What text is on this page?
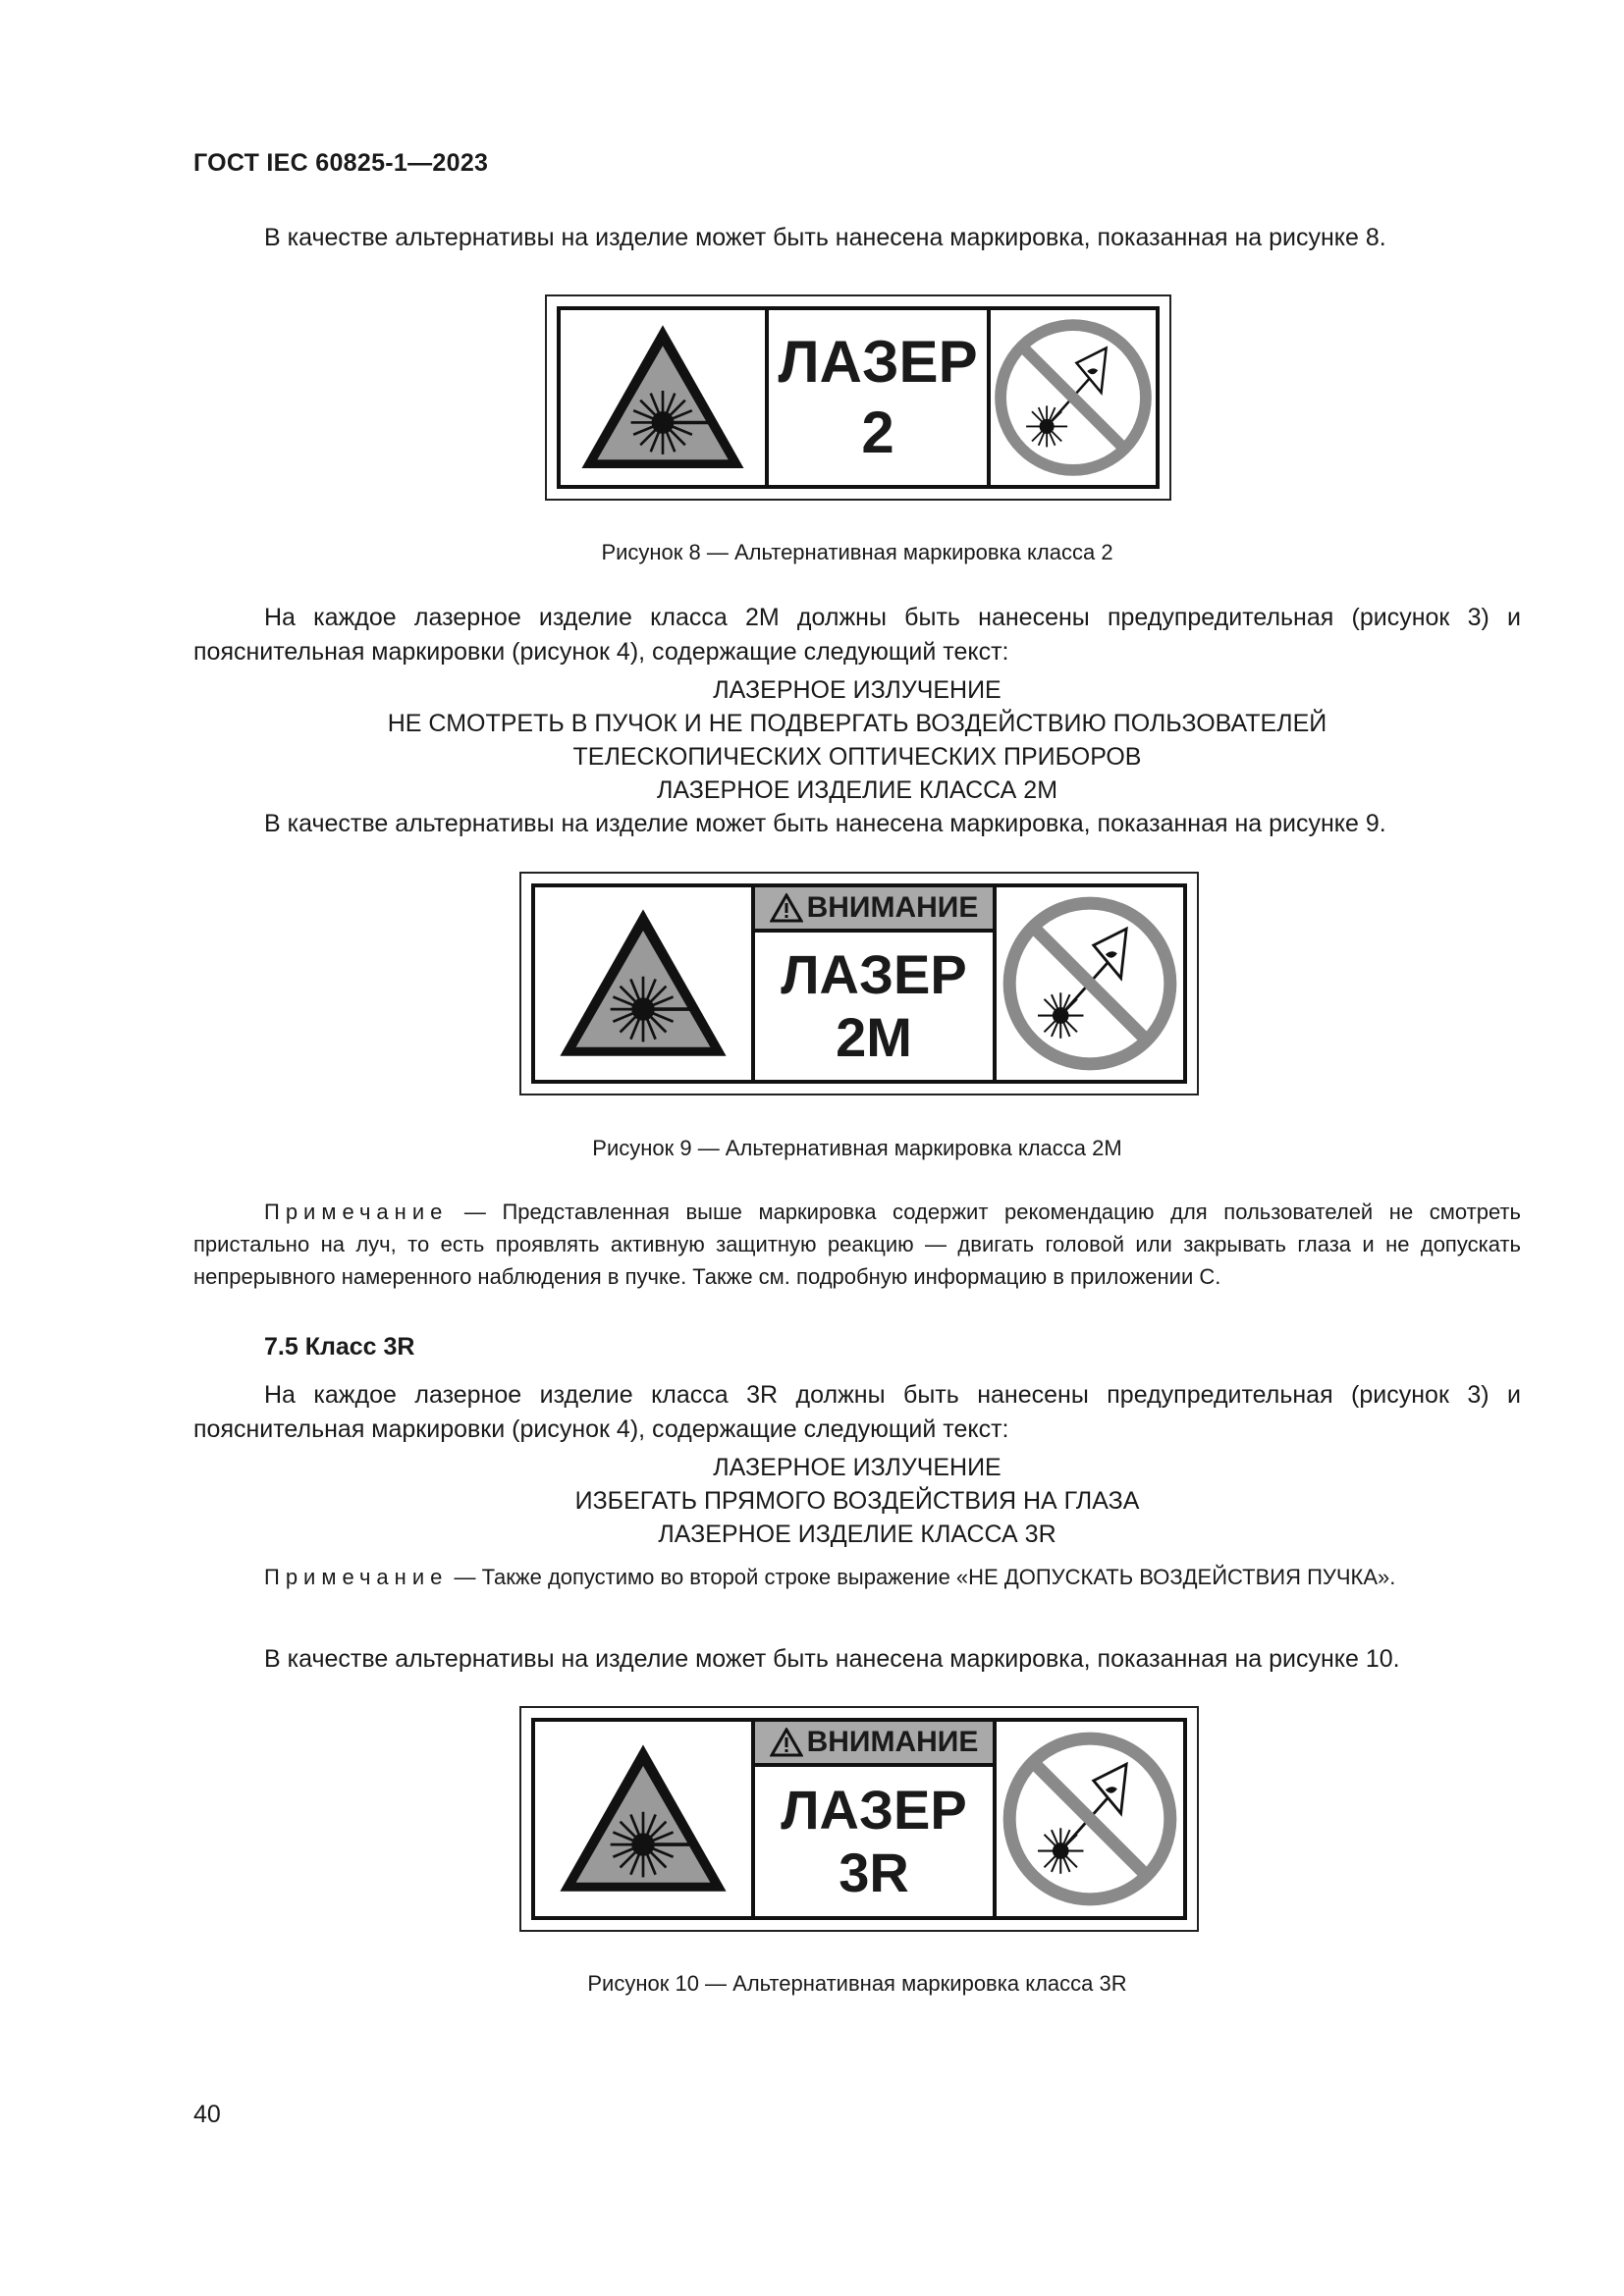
ГОСТ IEC 60825-1—2023
В качестве альтернативы на изделие может быть нанесена маркировка, показанная на рисунке 8.
ЛАЗЕР
2
Рисунок 8 — Альтернативная маркировка класса 2
На каждое лазерное изделие класса 2М должны быть нанесены предупредительная (рисунок 3) и пояснительная маркировки (рисунок 4), содержащие следующий текст:
ЛАЗЕРНОЕ ИЗЛУЧЕНИЕ
НЕ СМОТРЕТЬ В ПУЧОК И НЕ ПОДВЕРГАТЬ ВОЗДЕЙСТВИЮ ПОЛЬЗОВАТЕЛЕЙ
ТЕЛЕСКОПИЧЕСКИХ ОПТИЧЕСКИХ ПРИБОРОВ
ЛАЗЕРНОЕ ИЗДЕЛИЕ КЛАССА 2М
В качестве альтернативы на изделие может быть нанесена маркировка, показанная на рисунке 9.
ВНИМАНИЕ
ЛАЗЕР
2М
Рисунок 9 — Альтернативная маркировка класса 2М
Примечание — Представленная выше маркировка содержит рекомендацию для пользователей не смотреть пристально на луч, то есть проявлять активную защитную реакцию — двигать головой или закрывать глаза и не допускать непрерывного намеренного наблюдения в пучке. Также см. подробную информацию в приложении С.
7.5 Класс 3R
На каждое лазерное изделие класса 3R должны быть нанесены предупредительная (рисунок 3) и пояснительная маркировки (рисунок 4), содержащие следующий текст:
ЛАЗЕРНОЕ ИЗЛУЧЕНИЕ
ИЗБЕГАТЬ ПРЯМОГО ВОЗДЕЙСТВИЯ НА ГЛАЗА
ЛАЗЕРНОЕ ИЗДЕЛИЕ КЛАССА 3R
Примечание — Также допустимо во второй строке выражение «НЕ ДОПУСКАТЬ ВОЗДЕЙСТВИЯ ПУЧКА».
В качестве альтернативы на изделие может быть нанесена маркировка, показанная на рисунке 10.
ВНИМАНИЕ
ЛАЗЕР
3R
Рисунок 10 — Альтернативная маркировка класса 3R
40
